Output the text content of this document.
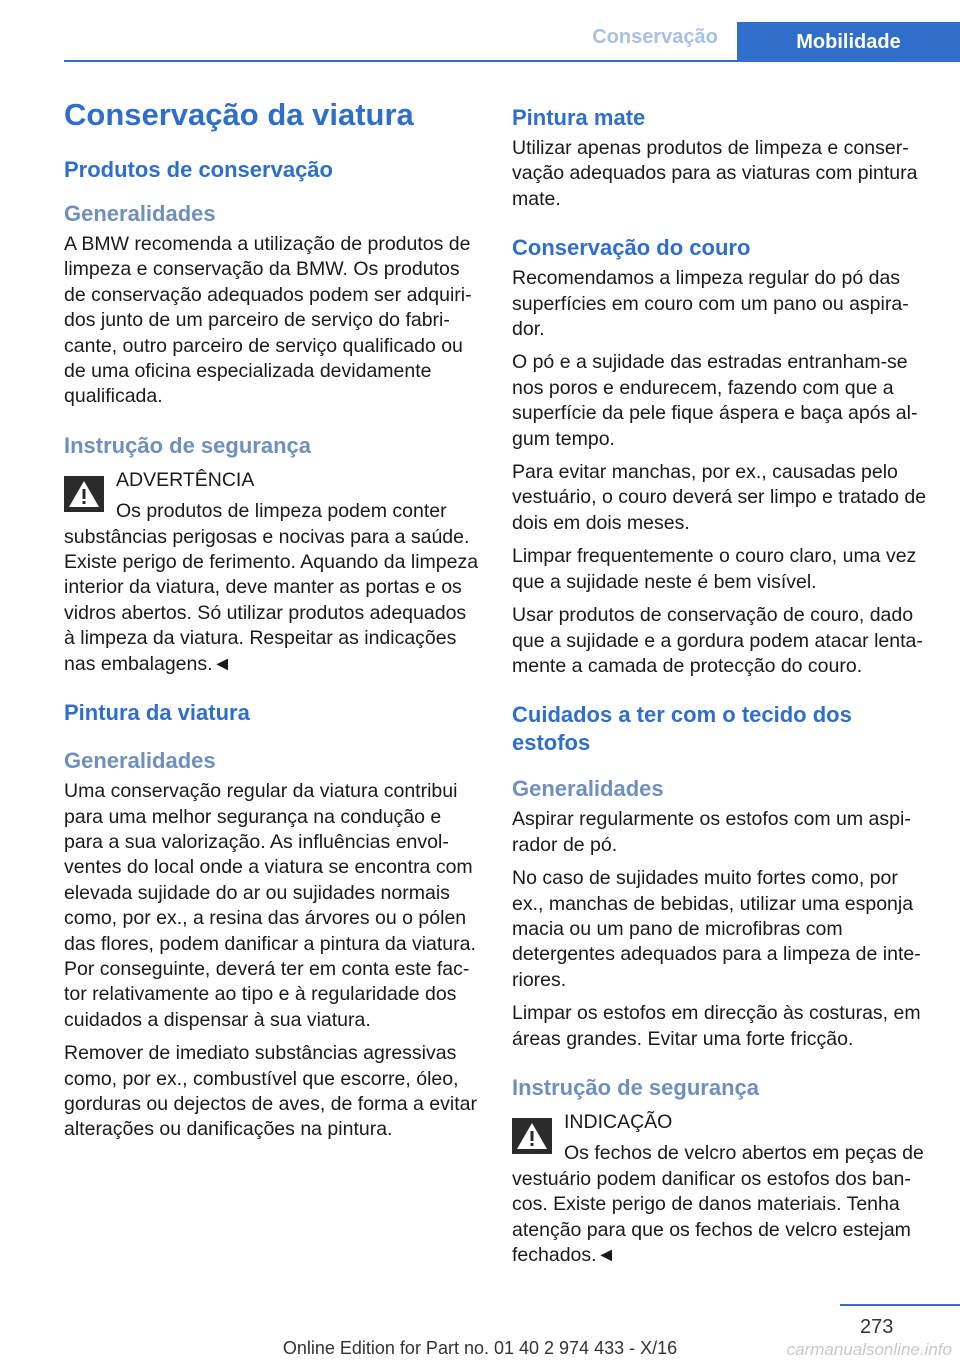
Conservação	Mobilidade
Conservação da viatura
Produtos de conservação
Generalidades

A BMW recomenda a utilização de produtos de limpeza e conservação da BMW. Os produtos de conservação adequados podem ser adquiridos junto de um parceiro de serviço do fabricante, outro parceiro de serviço qualificado ou de uma oficina especializada devidamente qualificada.

Instrução de segurança

ADVERTÊNCIA

Os produtos de limpeza podem conter substâncias perigosas e nocivas para a saúde. Existe perigo de ferimento. Aquando da limpeza interior da viatura, deve manter as portas e os vidros abertos. Só utilizar produtos adequados à limpeza da viatura. Respeitar as indicações nas embalagens.◄

Pintura da viatura
Generalidades

Uma conservação regular da viatura contribui para uma melhor segurança na condução e para a sua valorização. As influências envolventes do local onde a viatura se encontra com elevada sujidade do ar ou sujidades normais como, por ex., a resina das árvores ou o pólen das flores, podem danificar a pintura da viatura. Por conseguinte, deverá ter em conta este factor relativamente ao tipo e à regularidade dos cuidados a dispensar à sua viatura.

Remover de imediato substâncias agressivas como, por ex., combustível que escorre, óleo, gorduras ou dejectos de aves, de forma a evitar alterações ou danificações na pintura.

Pintura mate

Utilizar apenas produtos de limpeza e conservação adequados para as viaturas com pintura mate.

Conservação do couro

Recomendamos a limpeza regular do pó das superfícies em couro com um pano ou aspirador.

O pó e a sujidade das estradas entranham-se nos poros e endurecem, fazendo com que a superfície da pele fique áspera e baça após algum tempo.

Para evitar manchas, por ex., causadas pelo vestuário, o couro deverá ser limpo e tratado de dois em dois meses.

Limpar frequentemente o couro claro, uma vez que a sujidade neste é bem visível.

Usar produtos de conservação de couro, dado que a sujidade e a gordura podem atacar lentamente a camada de protecção do couro.

Cuidados a ter com o tecido dos estofos
Generalidades

Aspirar regularmente os estofos com um aspirador de pó.

No caso de sujidades muito fortes como, por ex., manchas de bebidas, utilizar uma esponja macia ou um pano de microfibras com detergentes adequados para a limpeza de interiores.

Limpar os estofos em direcção às costuras, em áreas grandes. Evitar uma forte fricção.

Instrução de segurança

INDICAÇÃO

Os fechos de velcro abertos em peças de vestuário podem danificar os estofos dos bancos. Existe perigo de danos materiais. Tenha atenção para que os fechos de velcro estejam fechados.◄

273
Online Edition for Part no. 01 40 2 974 433 - X/16	carmanualsonline.info
